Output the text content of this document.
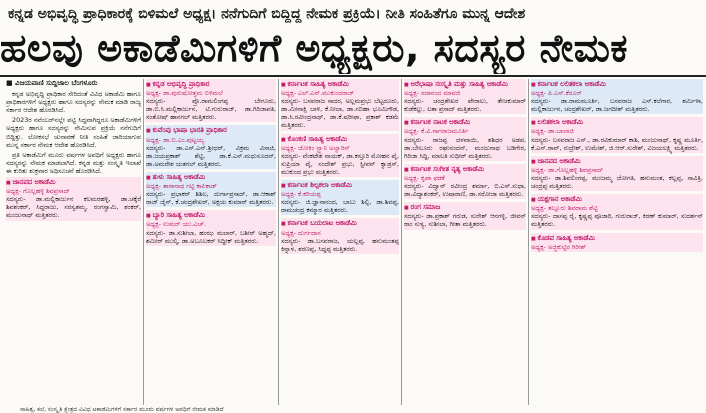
ಕನ್ನಡ ಅಭಿವೃದ್ಧಿ ಪ್ರಾಧಿಕಾರಕ್ಕೆ ಬಿಳಿಮಲೆ ಅಧ್ಯಕ್ಷ। ನನೆಗುದಿಗೆ ಬಿದ್ದಿದ್ದ ನೇಮಕ ಪ್ರಕ್ರಿಯೆ। ನೀತಿ ಸಂಹಿತೆಗೂ ಮುನ್ನ ಆದೇಶ
ಹಲವು ಅಕಾಡೆಮಿಗಳಿಗೆ ಅಧ್ಯಕ್ಷರು, ಸದಸ್ಯರ ನೇಮಕ
■ ವಿಜಯವಾಣಿ ಸುದ್ದಿಜಾಲ ಬೆಂಗಳೂರು

ಕನ್ನಡ ಅಭಿವೃದ್ಧಿ ಪ್ರಾಧಿಕಾರ ಸೇರಿದಂತೆ ವಿವಿಧ ಅಕಾಡೆಮಿ ಹಾಗೂ ಪ್ರಾಧಿಕಾರಗಳಿಗೆ ಅಧ್ಯಕ್ಷರು ಹಾಗೂ ಸದಸ್ಯರನ್ನು ನೇಮಕ ಮಾಡಿ ರಾಜ್ಯ ಸರ್ಕಾರ ಆದೇಶ ಹೊರಡಿಸಿದೆ.

2023ರ ನವೆಂಬರ್‌ನಲ್ಲೇ ಪಟ್ಟಿ ಸಿದ್ಧವಾಗಿದ್ದರೂ ಅಕಾಡೆಮಿಗಳಿಗೆ ಅಧ್ಯಕ್ಷರು ಹಾಗೂ ಸದಸ್ಯರನ್ನು ನೇಮಿಸುವ ಪ್ರಕ್ರಿಯೆ ನನೆಗುದಿಗೆ ಬಿದ್ದಿತ್ತು. ಲೋಕಸಭೆ ಚುನಾವಣೆ ನೀತಿ ಸಂಹಿತೆ ಜಾರಿಯಾಗುವ ಮುನ್ನ ಸರ್ಕಾರ ನೇಮಕ ಆದೇಶ ಹೊರಡಿಸಿದೆ.

ಪ್ರತಿ ಅಕಾಡೆಮಿಗೆ ಮೂರು ವರ್ಷಗಳ ಅವಧಿಗೆ ಅಧ್ಯಕ್ಷರು ಹಾಗೂ ಸದಸ್ಯರನ್ನು ನೇಮಕ ಮಾಡಲಾಗಿದೆ. ಕನ್ನಡ ಮತ್ತು ಸಂಸ್ಕೃತಿ ಇಲಾಖೆ ಈ ಕುರಿತು ಶುಕ್ರವಾರ ಅಧಿಸೂಚನೆ ಹೊರಡಿಸಿದೆ.

■ ಜಾನಪದ ಅಕಾಡೆಮಿ
ಅಧ್ಯಕ್ಷ- ಗೊಲ್ಲಹಳ್ಳಿ ಶಿವಪ್ರಸಾದ್
ಸದಸ್ಯರು- ಡಾ.ಮಲ್ಲಿಕಾರ್ಜುನ ಕಲಮರಹಳ್ಳಿ, ಡಾ.ಚಕ್ಕೆರೆ ಶಿವಶಂಕರ್, ಸಿದ್ದರಾಜು, ಸರಸ್ವತಮ್ಮ, ರಂಗಸ್ವಾಮಿ, ಶಂಕರ್, ಮಂಜುನಾಥ್ ಮತ್ತಿತರರು.
■ ಕನ್ನಡ ಅಭಿವೃದ್ಧಿ ಪ್ರಾಧಿಕಾರ
ಅಧ್ಯಕ್ಷ- ಡಾ.ಪುರುಷೋತ್ತಮ ಬಿಳಿಮಲೆ
ಸದಸ್ಯರು- ಪ್ರೊ.ರಾಮಲಿಂಗಪ್ಪ ಬೇಗೂರು, ಡಾ.ಬಿ.ಸಿ.ಮಲ್ಲಿಕಾರ್ಜುನ, ಟಿ.ಗುರುರಾಜ್, ಡಾ.ಗಿರಿಜಾಪತಿ, ಸಂತೋಷ್ ಹಾನಗಲ್ ಮತ್ತಿತರರು.
■ ಕುವೆಂಪು ಭಾಷಾ ಭಾರತಿ ಪ್ರಾಧಿಕಾರ
ಅಧ್ಯಕ್ಷ- ಡಾ.ಬಿ.ಎಂ.ಪುಟ್ಟಯ್ಯ
ಸದಸ್ಯರು- ಡಾ.ಎಸ್.ಎನ್.ಶ್ರೀಧರ್, ವಿಕ್ರಮ ವಿಸಾಜಿ, ಡಾ.ಜಯಪ್ರಕಾಶ್ ಶೆಟ್ಟಿ, ಡಾ.ಕೆ.ಎಸ್.ಮಧುಸೂದನ್, ಡಾ.ಅಮರೇಶ ಯತಗಲ್ ಮತ್ತಿತರರು.
■ ತುಳು ಸಾಹಿತ್ಯ ಅಕಾಡೆಮಿ
ಅಧ್ಯಕ್ಷ- ತಾರಾನಾಥ ಗಟ್ಟಿ ಕಾಪಿಕಾಡ್
ಸದಸ್ಯರು- ಪ್ರಭಾಕರ್ ಶಿಶಿಲ, ದುರ್ಗಾಪ್ರಸಾದ್, ಡಾ.ಆಕಾಶ್ ರಾಜ್ ಜೈನ್, ಕೆ.ಚಂದ್ರಶೇಖರ್, ಅಕ್ಷಯ ಕುಮಾರ್ ಮತ್ತಿತರರು.
■ ಬ್ಯಾರಿ ಸಾಹಿತ್ಯ ಅಕಾಡೆಮಿ
ಅಧ್ಯಕ್ಷ- ಉಮರ್ ಯು.ಎಚ್.
ಸದಸ್ಯರು- ಡಾ.ಸುಶೀಲಾ, ಹಂಝ ಮಲಾರ್, ಬಶೀರ್ ಅಹ್ಮದ್, ಶಮೀರ್ ಮುಲ್ಕಿ, ಡಾ.ಅಬೂಬಕರ್ ಸಿದ್ದೀಕ್ ಮತ್ತಿತರರು.
■ ಕರ್ನಾಟಕ ಸಾಹಿತ್ಯ ಅಕಾಡೆಮಿ
ಅಧ್ಯಕ್ಷ- ಎಲ್.ಎನ್.ಮುಕುಂದರಾಜ್
ಸದಸ್ಯರು- ಬಸವರಾಜ ಸಾದರ, ಅಲ್ಲಮಪ್ರಭು ಬೆಟ್ಟದೂರು, ಡಾ.ಮೀನಾಕ್ಷಿ ಬಾಳಿ, ಕೆ.ನೀಲಾ, ಡಾ.ಸಬಿಹಾ ಭೂಮಿಗೌಡ, ಡಾ.ಸಿ.ರವೀಂದ್ರನಾಥ್, ಡಾ.ಕೆ.ಷರೀಫಾ, ಪ್ರಕಾಶ್ ಕಡಮೆ ಮತ್ತಿತರರು.
■ ಕೊಂಕಣಿ ಸಾಹಿತ್ಯ ಅಕಾಡೆಮಿ
ಅಧ್ಯಕ್ಷ- ಜೋಕಿಂ ಸ್ಟ್ಯಾನಿ ಅಲ್ವಾರಿಸ್
ಸದಸ್ಯರು- ವೆಂಕಟೇಶ ನಾಯಕ್, ಡಾ.ಕಸ್ತೂರಿ ಮೋಹನ ಪೈ, ಸುಪ್ರಿಯಾ ಪೈ, ಸಂದೇಶ್ ಪ್ರಭು, ಸ್ಟೀವನ್ ಕ್ವಾಡ್ರಸ್, ಮುಕುಂದ ಪ್ರಭು ಮತ್ತಿತರರು.
■ ಕರ್ನಾಟಕ ಶಿಲ್ಪಕಲಾ ಅಕಾಡೆಮಿ
ಅಧ್ಯಕ್ಷ- ಕೆ.ಕರಿಯಪ್ಪ
ಸದಸ್ಯರು- ಜಿ.ಜ್ಞಾನಾನಂದ, ಬಾಬು ಶಿಲ್ಪಿ, ಡಾ.ಶಿವಪ್ಪ, ರಾಮಚಂದ್ರ ಕಮ್ಮಾರ ಮತ್ತಿತರರು.
■ ಕರ್ನಾಟಕ ಬಯಲಾಟ ಅಕಾಡೆಮಿ
ಅಧ್ಯಕ್ಷ- ದುರ್ಗದಾಸ
ಸದಸ್ಯರು- ಡಾ.ಬಸವರಾಜ, ಯಲ್ಲಪ್ಪ, ಹನುಮಂತಪ್ಪ ಕಿನ್ನಾಳ, ಶರಣಪ್ಪ, ಸಿದ್ದಪ್ಪ ಮತ್ತಿತರರು.
■ ಅರೆಭಾಷಾ ಸಂಸ್ಕೃತಿ ಮತ್ತು ಸಾಹಿತ್ಯ ಅಕಾಡೆಮಿ
ಅಧ್ಯಕ್ಷ- ಸದಾನಂದ ಮಾವಜಿ
ಸದಸ್ಯರು- ಚಂದ್ರಶೇಖರ ಪೇರಾಲು, ತೇಜಕುಮಾರ್ ಕುಡೆಕಲ್ಲು, ಲತಾ ಪ್ರಸಾದ್ ಮತ್ತಿತರರು.
■ ಕರ್ನಾಟಕ ನಾಟಕ ಅಕಾಡೆಮಿ
ಅಧ್ಯಕ್ಷ- ಕೆ.ವಿ.ನಾಗರಾಜಮೂರ್ತಿ
ಸದಸ್ಯರು- ರಾಜಪ್ಪ ದಳವಾಯಿ, ಶಶಿಧರ ಅಡಪ, ಡಾ.ಬೇಲೂರು ರಘುನಂದನ್, ಮಂಜುನಾಥ ಬಡಿಗೇರ, ಗಿರಿಜಾ ಸಿದ್ದಿ, ಮಾಲತಿ ಸುಧೀರ್ ಮತ್ತಿತರರು.
■ ಕರ್ನಾಟಕ ಸಂಗೀತ ನೃತ್ಯ ಅಕಾಡೆಮಿ
ಅಧ್ಯಕ್ಷ- ಕೃಪಾ ಫಡಕೆ
ಸದಸ್ಯರು- ವಿದ್ವಾನ್ ರವೀಂದ್ರ ಶರ್ಮಾ, ಬಿ.ಎಸ್.ಸುಧಾ, ಡಾ.ವಿದ್ಯಾಶಂಕರ್, ಉಷಾರಾಣಿ, ಡಾ.ಸರೋಜಾ ಮತ್ತಿತರರು.
■ ರಂಗ ಸಮಾಜ
ಸದಸ್ಯರು- ಡಾ.ಪ್ರಕಾಶ್ ಗರುಡ, ಸುರೇಶ್ ಆನಗಳ್ಳಿ, ಜೀವನ್ ರಾಂ ಸುಳ್ಯ, ಸುಶೀಲಾ, ಗೀತಾ ಮತ್ತಿತರರು.
■ ಕರ್ನಾಟಕ ಲಲಿತಕಲಾ ಅಕಾಡೆಮಿ
ಅಧ್ಯಕ್ಷ- ಪಿ.ಎಸ್.ಕೆರೂರ್
ಸದಸ್ಯರು- ಡಾ.ರಾಮಮೂರ್ತಿ, ಬಸವರಾಜ ಎಸ್.ಕಲೆಗಾರ, ಶರ್ಮಿಳಾ, ಮಲ್ಲಿಕಾರ್ಜುನ, ಚಂದ್ರಶೇಖರ್, ಡಾ.ಜಗದೀಶ್ ಮತ್ತಿತರರು.
■ ಲಲಿತಕಲಾ ಅಕಾಡೆಮಿ
ಅಧ್ಯಕ್ಷ- ಡಾ.ಬಾಲಾಜಿ
ಸದಸ್ಯರು- ಬಸವರಾಜ ಎಸ್., ಡಾ.ರವಿಕುಮಾರ್ ಕಾಶಿ, ಮಂಜುನಾಥ್, ಕೃಷ್ಣ ಮೂರ್ತಿ, ಕೆ.ಎಸ್.ರಾವ್, ರುದ್ರೇಶ್, ಉಮೇಶ್, ಜಿ.ಆರ್.ಸುರೇಶ್, ವಿಜಯಲಕ್ಷ್ಮಿ ಮತ್ತಿತರರು.
■ ಜಾನಪದ ಅಕಾಡೆಮಿ
ಅಧ್ಯಕ್ಷ- ಡಾ.ಗೊಲ್ಲಹಳ್ಳಿ ಶಿವಪ್ರಸಾದ್
ಸದಸ್ಯರು- ಡಾ.ಶಿವಲಿಂಗಪ್ಪ, ಮಂಜಮ್ಮ ಜೋಗತಿ, ಹನುಮಂತ, ಕಲ್ಲಪ್ಪ, ಸಾವಿತ್ರಿ, ಚಂದ್ರಪ್ಪ ಮತ್ತಿತರರು.
■ ಯಕ್ಷಗಾನ ಅಕಾಡೆಮಿ
ಅಧ್ಯಕ್ಷ- ತಲ್ಲೂರು ಶಿವರಾಮ ಶೆಟ್ಟಿ
ಸದಸ್ಯರು- ದಾಸಪ್ಪ ರೈ, ಕೃಷ್ಣಪ್ಪ ಪೂಜಾರಿ, ಗುರುರಾಜ್, ಕಿರಣ್ ಕುಮಾರ್, ಸುದರ್ಶನ್ ಮತ್ತಿತರರು.
■ ಕೊಡವ ಸಾಹಿತ್ಯ ಅಕಾಡೆಮಿ
ಅಧ್ಯಕ್ಷ- ಅಜ್ಜಿಕುಟ್ಟಿರ ಗಿರೀಶ್
ಸಾಹಿತ್ಯ, ಕಲೆ, ಸಂಸ್ಕೃತಿ ಕ್ಷೇತ್ರದ ವಿವಿಧ ಅಕಾಡೆಮಿಗಳಿಗೆ ಸರ್ಕಾರ ಮೂರು ವರ್ಷಗಳ ಅವಧಿಗೆ ನೇಮಕ ಮಾಡಿದೆ
